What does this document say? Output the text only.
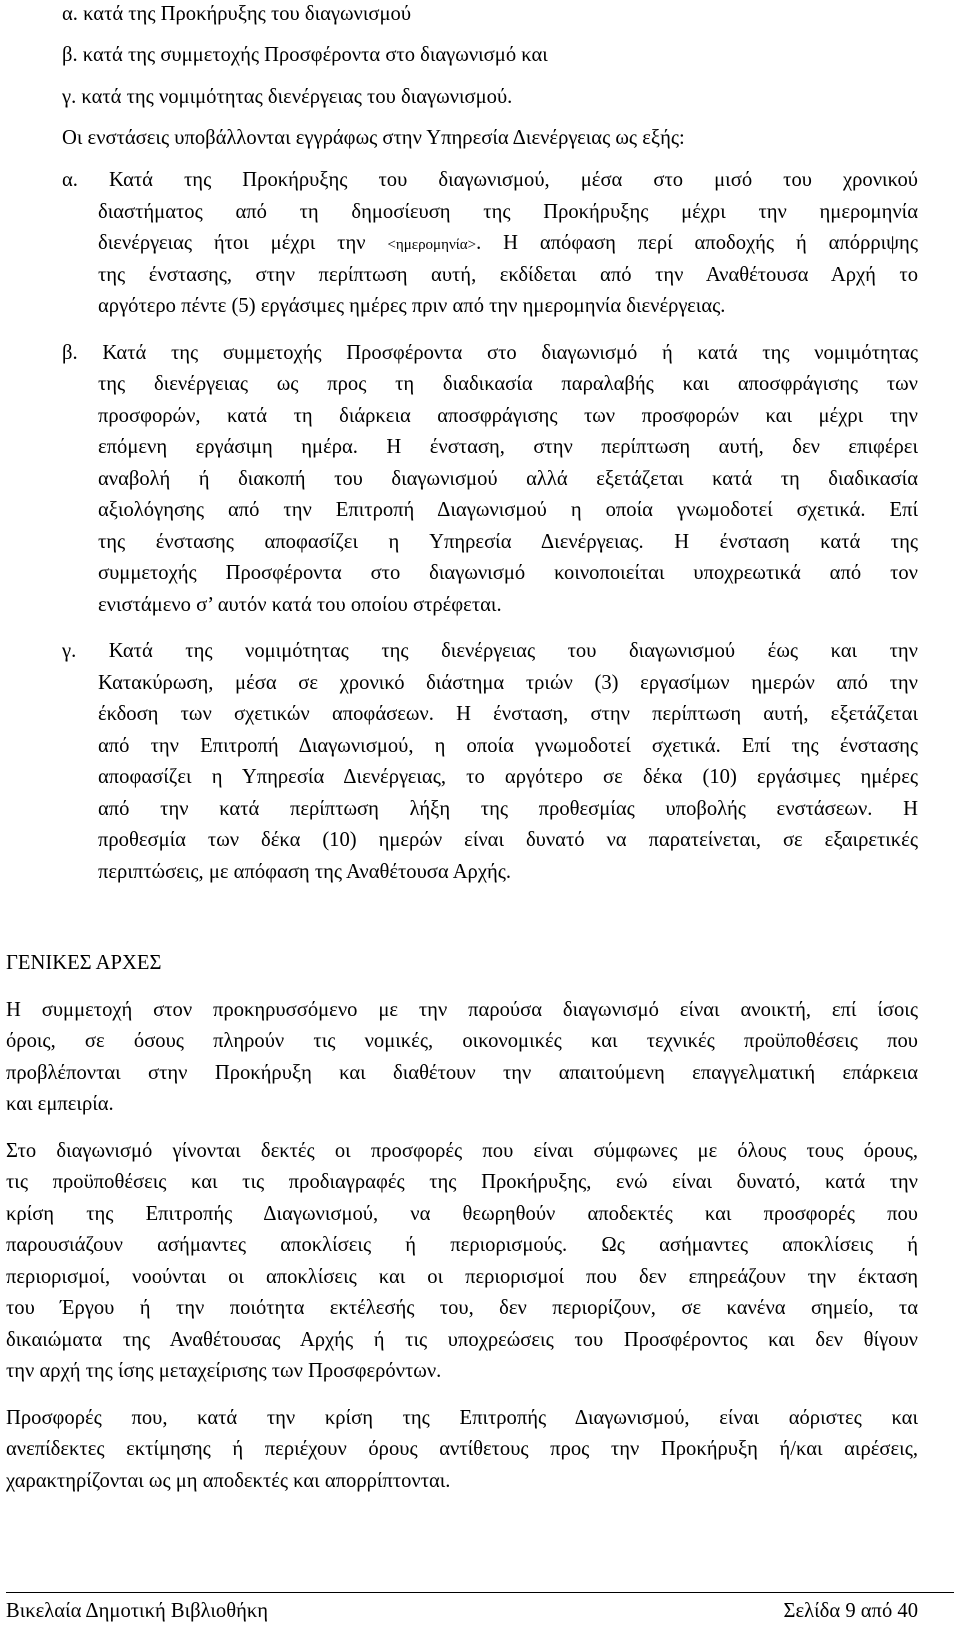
α. κατά της Προκήρυξης του διαγωνισμού
β. κατά της συμμετοχής Προσφέροντα στο διαγωνισμό και
γ. κατά της νομιμότητας διενέργειας του διαγωνισμού.
Οι ενστάσεις υποβάλλονται εγγράφως στην Υπηρεσία Διενέργειας ως εξής:
α. Κατά της Προκήρυξης του διαγωνισμού, μέσα στο μισό του χρονικού
διαστήματος από τη δημοσίευση της Προκήρυξης μέχρι την ημερομηνία
διενέργειας ήτοι μέχρι την <ημερομηνία>. Η απόφαση περί αποδοχής ή απόρριψης
της ένστασης, στην περίπτωση αυτή, εκδίδεται από την Αναθέτουσα Αρχή το
αργότερο πέντε (5) εργάσιμες ημέρες πριν από την ημερομηνία διενέργειας.
β. Κατά της συμμετοχής Προσφέροντα στο διαγωνισμό ή κατά της νομιμότητας
της διενέργειας ως προς τη διαδικασία παραλαβής και αποσφράγισης των
προσφορών, κατά τη διάρκεια αποσφράγισης των προσφορών και μέχρι την
επόμενη εργάσιμη ημέρα. Η ένσταση, στην περίπτωση αυτή, δεν επιφέρει
αναβολή ή διακοπή του διαγωνισμού αλλά εξετάζεται κατά τη διαδικασία
αξιολόγησης από την Επιτροπή Διαγωνισμού η οποία γνωμοδοτεί σχετικά. Επί
της ένστασης αποφασίζει η Υπηρεσία Διενέργειας. Η ένσταση κατά της
συμμετοχής Προσφέροντα στο διαγωνισμό κοινοποιείται υποχρεωτικά από τον
ενιστάμενο σ’ αυτόν κατά του οποίου στρέφεται.
γ. Κατά της νομιμότητας της διενέργειας του διαγωνισμού έως και την
Κατακύρωση, μέσα σε χρονικό διάστημα τριών (3) εργασίμων ημερών από την
έκδοση των σχετικών αποφάσεων. Η ένσταση, στην περίπτωση αυτή, εξετάζεται
από την Επιτροπή Διαγωνισμού, η οποία γνωμοδοτεί σχετικά. Επί της ένστασης
αποφασίζει η Υπηρεσία Διενέργειας, το αργότερο σε δέκα (10) εργάσιμες ημέρες
από την κατά περίπτωση λήξη της προθεσμίας υποβολής ενστάσεων. Η
προθεσμία των δέκα (10) ημερών είναι δυνατό να παρατείνεται, σε εξαιρετικές
περιπτώσεις, με απόφαση της Αναθέτουσα Αρχής.
ΓΕΝΙΚΕΣ ΑΡΧΕΣ
Η συμμετοχή στον προκηρυσσόμενο με την παρούσα διαγωνισμό είναι ανοικτή, επί ίσοις
όροις, σε όσους πληρούν τις νομικές, οικονομικές και τεχνικές προϋποθέσεις που
προβλέπονται στην Προκήρυξη και διαθέτουν την απαιτούμενη επαγγελματική επάρκεια
και εμπειρία.
Στο διαγωνισμό γίνονται δεκτές οι προσφορές που είναι σύμφωνες με όλους τους όρους,
τις προϋποθέσεις και τις προδιαγραφές της Προκήρυξης, ενώ είναι δυνατό, κατά την
κρίση της Επιτροπής Διαγωνισμού, να θεωρηθούν αποδεκτές και προσφορές που
παρουσιάζουν ασήμαντες αποκλίσεις ή περιορισμούς. Ως ασήμαντες αποκλίσεις ή
περιορισμοί, νοούνται οι αποκλίσεις και οι περιορισμοί που δεν επηρεάζουν την έκταση
του Έργου ή την ποιότητα εκτέλεσής του, δεν περιορίζουν, σε κανένα σημείο, τα
δικαιώματα της Αναθέτουσας Αρχής ή τις υποχρεώσεις του Προσφέροντος και δεν θίγουν
την αρχή της ίσης μεταχείρισης των Προσφερόντων.
Προσφορές που, κατά την κρίση της Επιτροπής Διαγωνισμού, είναι αόριστες και
ανεπίδεκτες εκτίμησης ή περιέχουν όρους αντίθετους προς την Προκήρυξη ή/και αιρέσεις,
χαρακτηρίζονται ως μη αποδεκτές και απορρίπτονται.
Βικελαία Δημοτική Βιβλιοθήκη	Σελίδα 9 από 40
